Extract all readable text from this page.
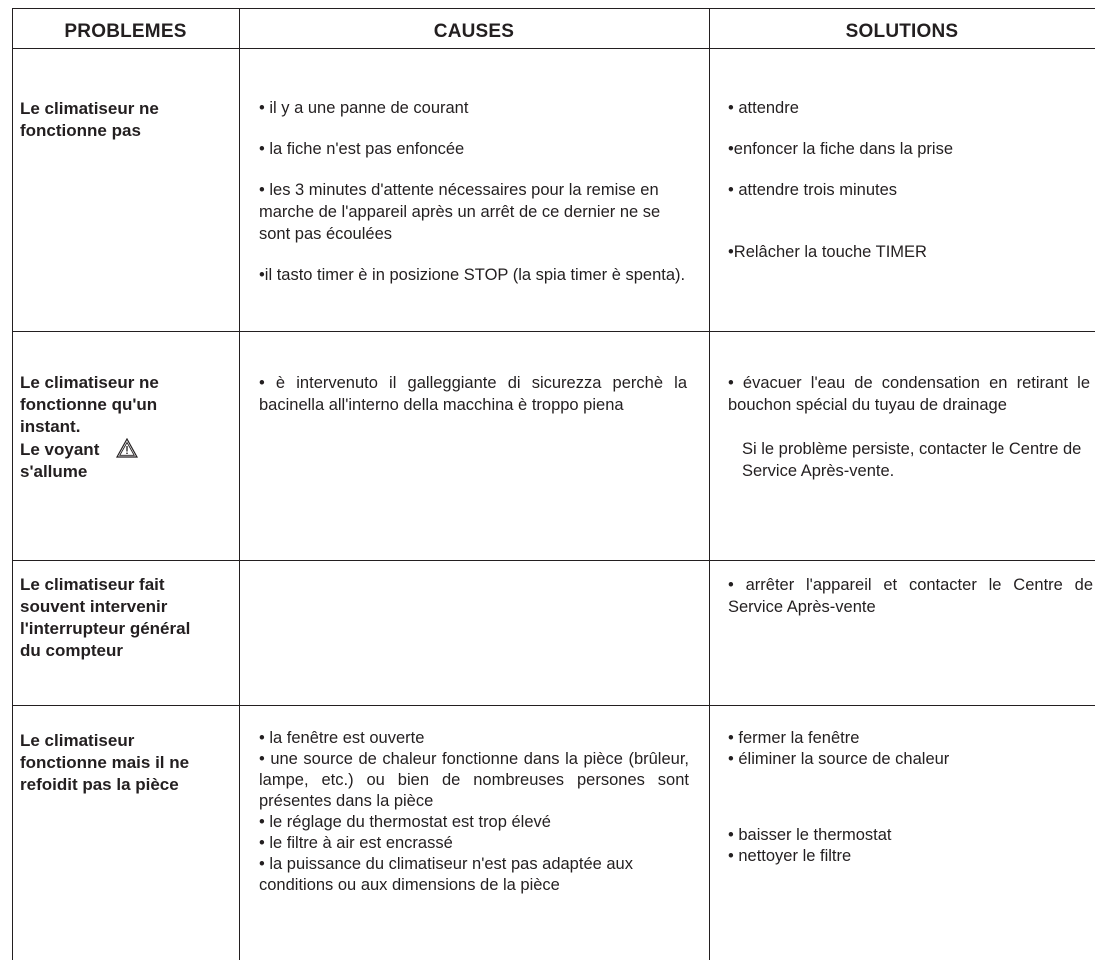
PROBLEMES	CAUSES	SOLUTIONS
Le climatiseur ne fonctionne pas
• il y a une panne de courant
• la fiche n'est pas enfoncée
• les 3 minutes d'attente nécessaires pour la remise en marche de l'appareil après un arrêt de ce dernier ne se sont pas écoulées
•il tasto timer è in posizione STOP (la spia timer è spenta).
• attendre
•enfoncer la fiche dans la prise
• attendre trois minutes
•Relâcher la touche TIMER
Le climatiseur ne fonctionne qu'un instant.
Le voyant
s'allume
• è intervenuto il galleggiante di sicurezza perchè la bacinella all'interno della macchina è troppo piena
• évacuer l'eau de condensation en retirant le bouchon spécial du tuyau de drainage
Si le problème persiste, contacter le Centre de Service Après-vente.
Le climatiseur fait souvent intervenir l'interrupteur général du compteur
• arrêter l'appareil et contacter le Centre de Service Après-vente
Le climatiseur fonctionne mais il ne refoidit pas la pièce
• la fenêtre est ouverte
• une source de chaleur fonctionne dans la pièce (brûleur, lampe, etc.) ou bien de nombreuses persones sont présentes dans la pièce
• le réglage du thermostat est trop élevé
• le filtre à air est encrassé
• la puissance du climatiseur n'est pas adaptée aux conditions ou aux dimensions de la pièce
• fermer la fenêtre
• éliminer la source de chaleur
• baisser le thermostat
• nettoyer le filtre
